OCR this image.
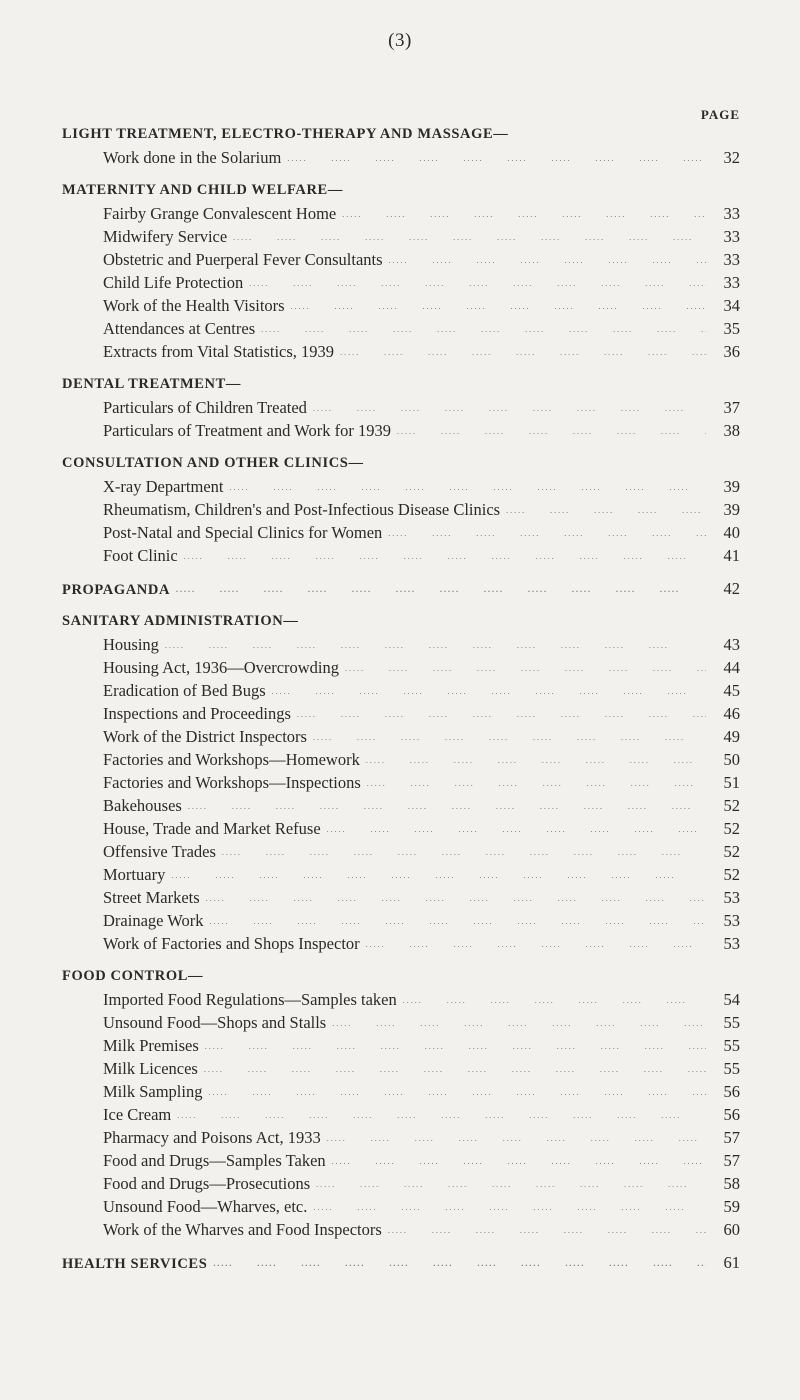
(3)
PAGE
LIGHT TREATMENT, ELECTRO-THERAPY AND MASSAGE—
Work done in the Solarium .....	32
MATERNITY AND CHILD WELFARE—
Fairby Grange Convalescent Home .....	33
Midwifery Service .....	33
Obstetric and Puerperal Fever Consultants .....	33
Child Life Protection .....	33
Work of the Health Visitors .....	34
Attendances at Centres .....	35
Extracts from Vital Statistics, 1939 .....	36
DENTAL TREATMENT—
Particulars of Children Treated .....	37
Particulars of Treatment and Work for 1939 .....	38
CONSULTATION AND OTHER CLINICS—
X-ray Department .....	39
Rheumatism, Children's and Post-Infectious Disease Clinics .....	39
Post-Natal and Special Clinics for Women .....	40
Foot Clinic .....	41
PROPAGANDA .....	42
SANITARY ADMINISTRATION—
Housing .....	43
Housing Act, 1936—Overcrowding .....	44
Eradication of Bed Bugs .....	45
Inspections and Proceedings .....	46
Work of the District Inspectors .....	49
Factories and Workshops—Homework .....	50
Factories and Workshops—Inspections .....	51
Bakehouses .....	52
House, Trade and Market Refuse .....	52
Offensive Trades .....	52
Mortuary .....	52
Street Markets .....	53
Drainage Work .....	53
Work of Factories and Shops Inspector .....	53
FOOD CONTROL—
Imported Food Regulations—Samples taken .....	54
Unsound Food—Shops and Stalls .....	55
Milk Premises .....	55
Milk Licences .....	55
Milk Sampling .....	56
Ice Cream .....	56
Pharmacy and Poisons Act, 1933 .....	57
Food and Drugs—Samples Taken .....	57
Food and Drugs—Prosecutions .....	58
Unsound Food—Wharves, etc. .....	59
Work of the Wharves and Food Inspectors .....	60
HEALTH SERVICES .....	61
